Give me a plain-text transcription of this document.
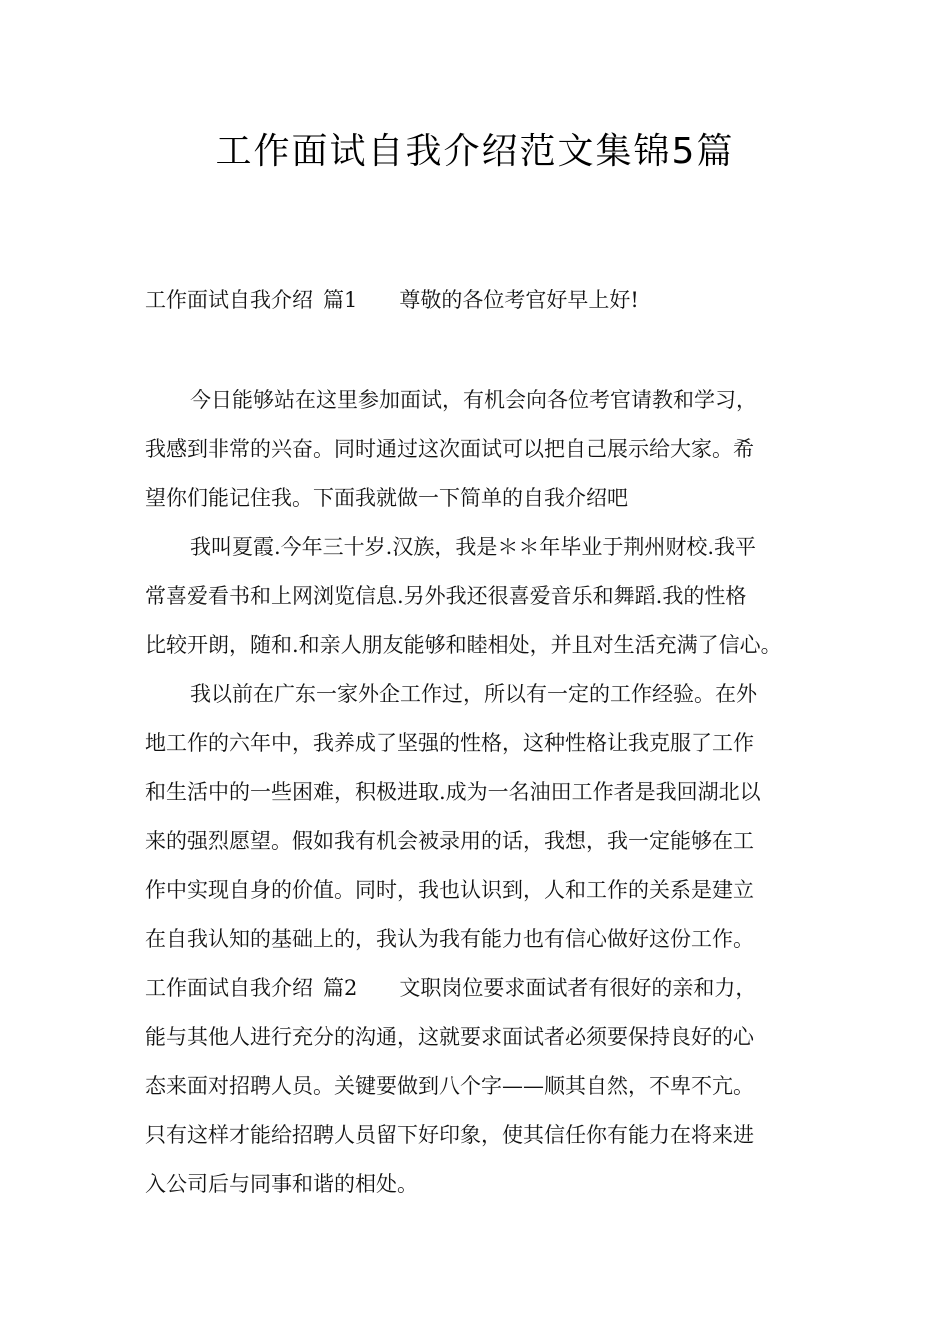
工作面试自我介绍范文集锦5篇
工作面试自我介绍 篇1 尊敬的各位考官好早上好!
今日能够站在这里参加面试，有机会向各位考官请教和学习，
我感到非常的兴奋。同时通过这次面试可以把自己展示给大家。希
望你们能记住我。下面我就做一下简单的自我介绍吧
我叫夏霞.今年三十岁.汉族，我是＊＊年毕业于荆州财校.我平
常喜爱看书和上网浏览信息.另外我还很喜爱音乐和舞蹈.我的性格
比较开朗，随和.和亲人朋友能够和睦相处，并且对生活充满了信心。
我以前在广东一家外企工作过，所以有一定的工作经验。在外
地工作的六年中，我养成了坚强的性格，这种性格让我克服了工作
和生活中的一些困难，积极进取.成为一名油田工作者是我回湖北以
来的强烈愿望。假如我有机会被录用的话，我想，我一定能够在工
作中实现自身的价值。同时，我也认识到，人和工作的关系是建立
在自我认知的基础上的，我认为我有能力也有信心做好这份工作。
工作面试自我介绍 篇2 文职岗位要求面试者有很好的亲和力，
能与其他人进行充分的沟通，这就要求面试者必须要保持良好的心
态来面对招聘人员。关键要做到八个字——顺其自然，不卑不亢。
只有这样才能给招聘人员留下好印象，使其信任你有能力在将来进
入公司后与同事和谐的相处。
